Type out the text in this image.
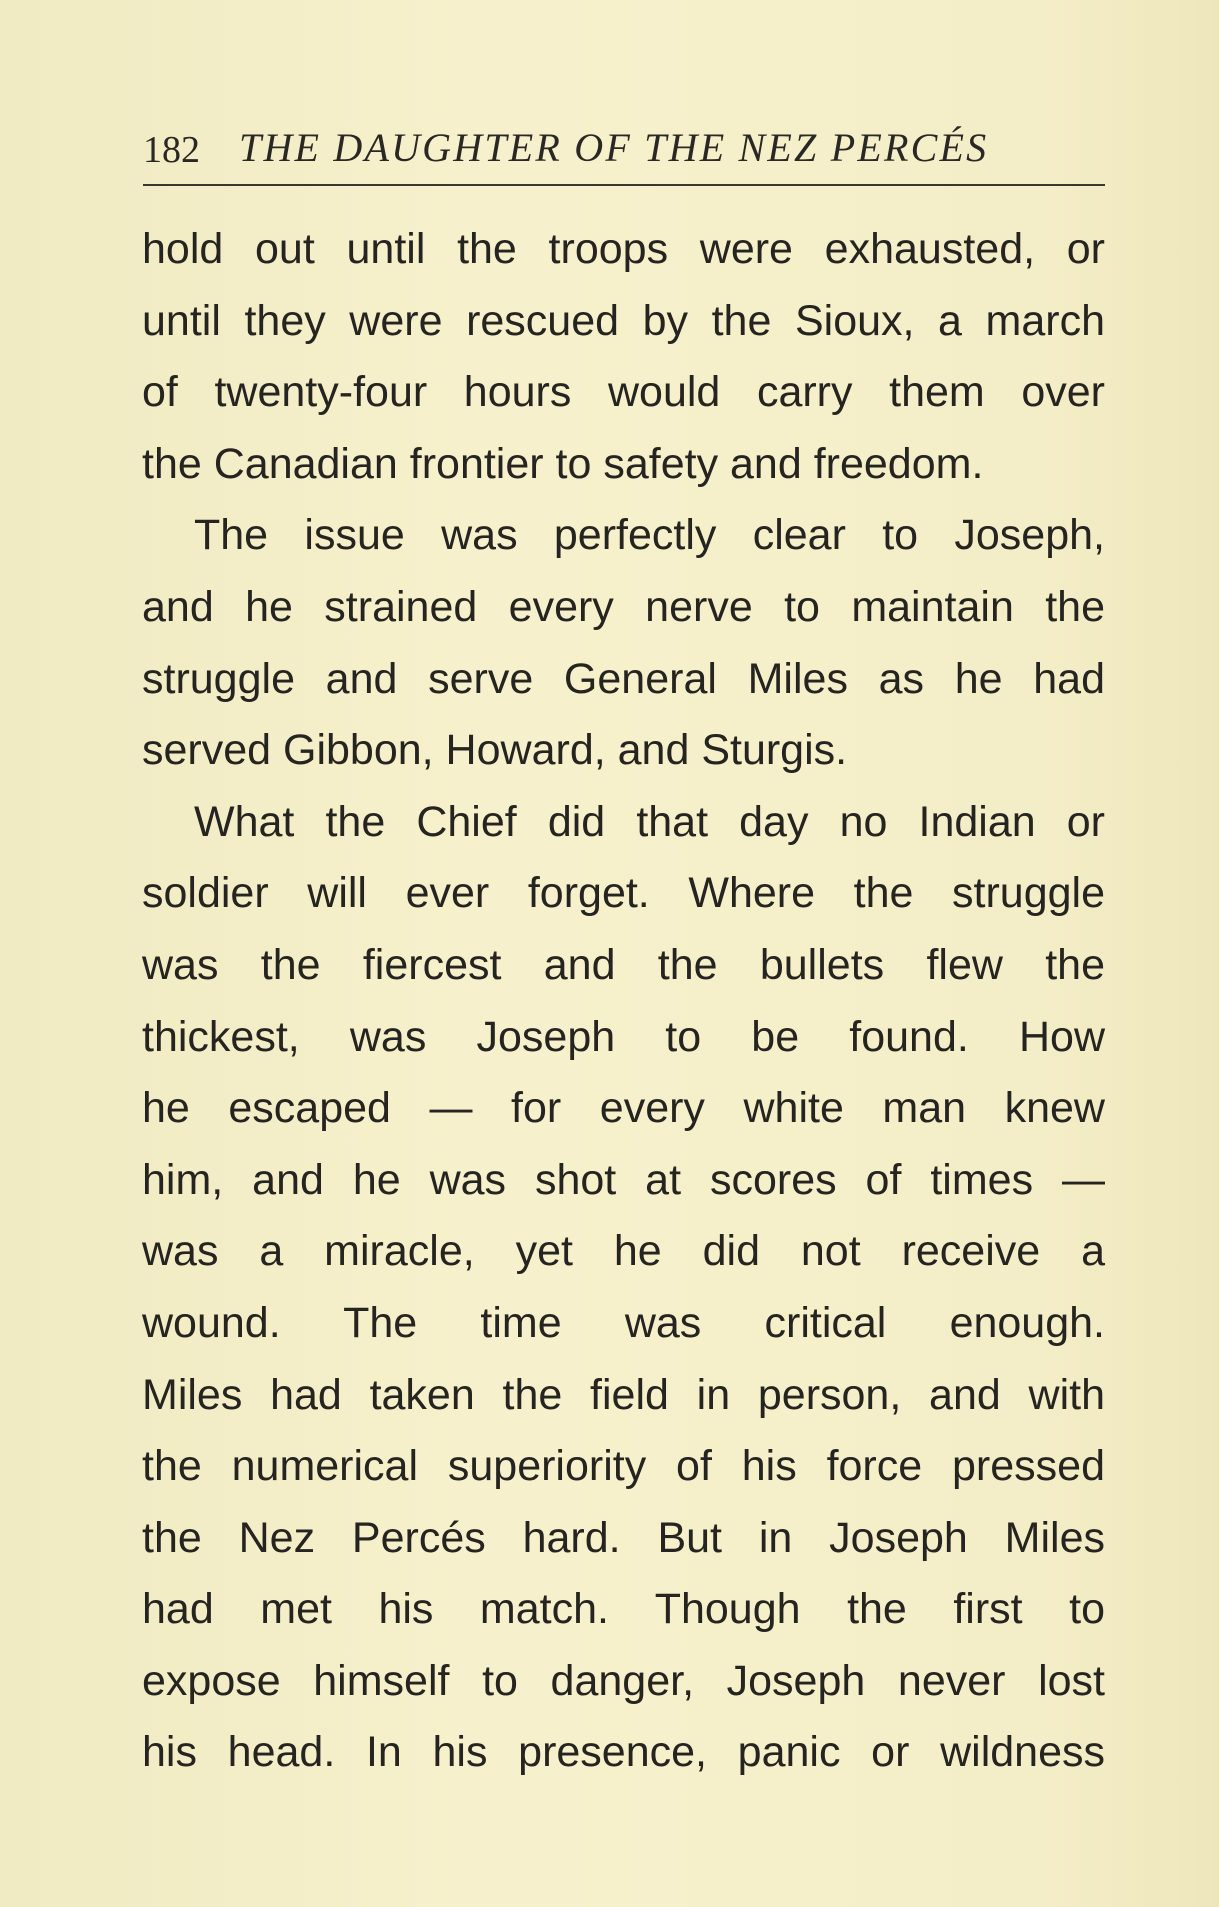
182 THE DAUGHTER OF THE NEZ PERCÉS
hold out until the troops were exhausted, or
until they were rescued by the Sioux, a march
of twenty-four hours would carry them over
the Canadian frontier to safety and freedom.
The issue was perfectly clear to Joseph,
and he strained every nerve to maintain the
struggle and serve General Miles as he had
served Gibbon, Howard, and Sturgis.
What the Chief did that day no Indian or
soldier will ever forget. Where the struggle
was the fiercest and the bullets flew the
thickest, was Joseph to be found. How
he escaped — for every white man knew
him, and he was shot at scores of times —
was a miracle, yet he did not receive a
wound. The time was critical enough.
Miles had taken the field in person, and with
the numerical superiority of his force pressed
the Nez Percés hard. But in Joseph Miles
had met his match. Though the first to
expose himself to danger, Joseph never lost
his head. In his presence, panic or wildness
